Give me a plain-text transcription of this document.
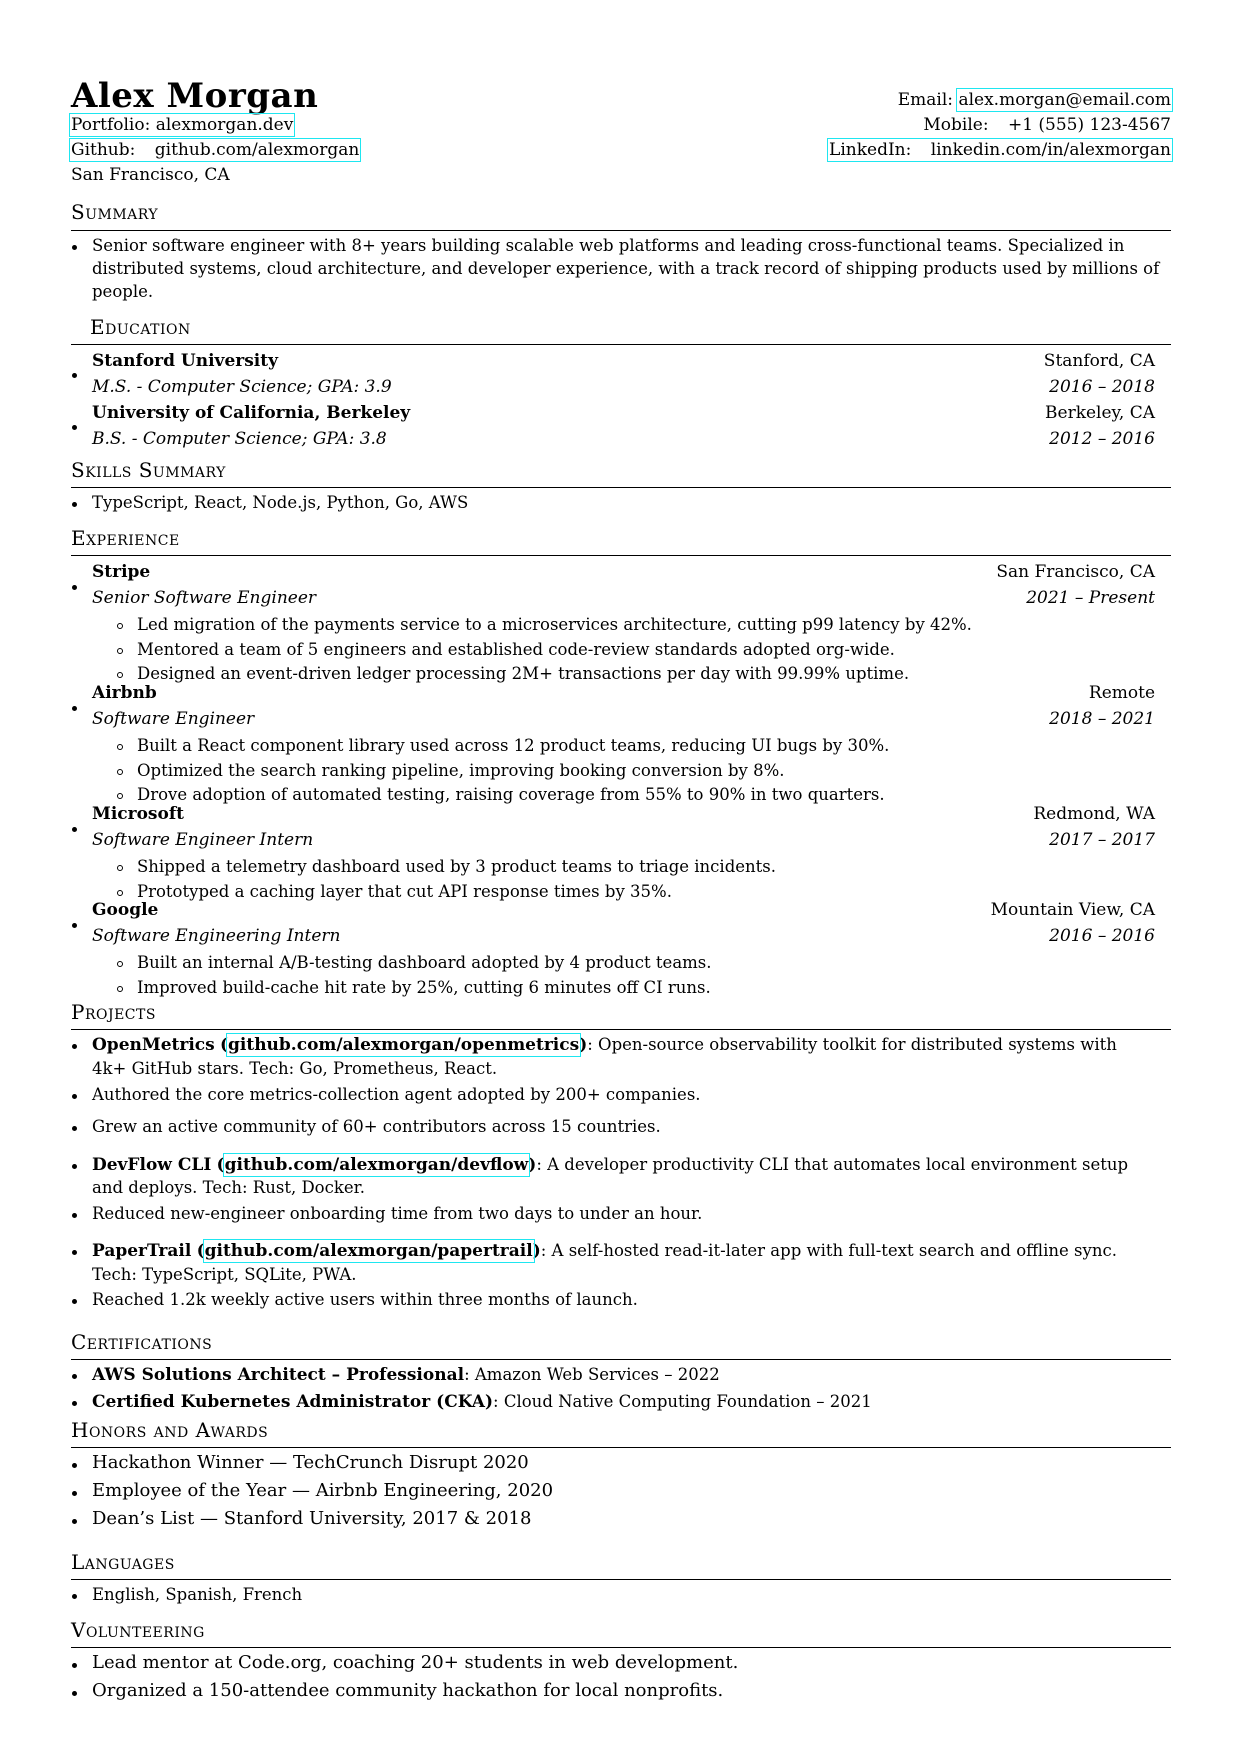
Alex Morgan
Portfolio: alexmorgan.dev
Github: github.com/alexmorgan
San Francisco, CA
Email: alex.morgan@email.com
Mobile: +1 (555) 123-4567
LinkedIn: linkedin.com/in/alexmorgan
Summary
Senior software engineer with 8+ years building scalable web platforms and leading cross-functional teams. Specialized in
distributed systems, cloud architecture, and developer experience, with a track record of shipping products used by millions of
people.
Education
Stanford University	Stanford, CA
M.S. - Computer Science; GPA: 3.9	2016 – 2018
University of California, Berkeley	Berkeley, CA
B.S. - Computer Science; GPA: 3.8	2012 – 2016
Skills Summary
TypeScript, React, Node.js, Python, Go, AWS
Experience
Stripe	San Francisco, CA
Senior Software Engineer	2021 – Present
Led migration of the payments service to a microservices architecture, cutting p99 latency by 42%.
Mentored a team of 5 engineers and established code-review standards adopted org-wide.
Designed an event-driven ledger processing 2M+ transactions per day with 99.99% uptime.
Airbnb	Remote
Software Engineer	2018 – 2021
Built a React component library used across 12 product teams, reducing UI bugs by 30%.
Optimized the search ranking pipeline, improving booking conversion by 8%.
Drove adoption of automated testing, raising coverage from 55% to 90% in two quarters.
Microsoft	Redmond, WA
Software Engineer Intern	2017 – 2017
Shipped a telemetry dashboard used by 3 product teams to triage incidents.
Prototyped a caching layer that cut API response times by 35%.
Google	Mountain View, CA
Software Engineering Intern	2016 – 2016
Built an internal A/B-testing dashboard adopted by 4 product teams.
Improved build-cache hit rate by 25%, cutting 6 minutes off CI runs.
Projects
OpenMetrics (github.com/alexmorgan/openmetrics): Open-source observability toolkit for distributed systems with
4k+ GitHub stars. Tech: Go, Prometheus, React.
Authored the core metrics-collection agent adopted by 200+ companies.
Grew an active community of 60+ contributors across 15 countries.
DevFlow CLI (github.com/alexmorgan/devflow): A developer productivity CLI that automates local environment setup
and deploys. Tech: Rust, Docker.
Reduced new-engineer onboarding time from two days to under an hour.
PaperTrail (github.com/alexmorgan/papertrail): A self-hosted read-it-later app with full-text search and offline sync.
Tech: TypeScript, SQLite, PWA.
Reached 1.2k weekly active users within three months of launch.
Certifications
AWS Solutions Architect – Professional: Amazon Web Services – 2022
Certified Kubernetes Administrator (CKA): Cloud Native Computing Foundation – 2021
Honors and Awards
Hackathon Winner — TechCrunch Disrupt 2020
Employee of the Year — Airbnb Engineering, 2020
Dean’s List — Stanford University, 2017 & 2018
Languages
English, Spanish, French
Volunteering
Lead mentor at Code.org, coaching 20+ students in web development.
Organized a 150-attendee community hackathon for local nonprofits.
